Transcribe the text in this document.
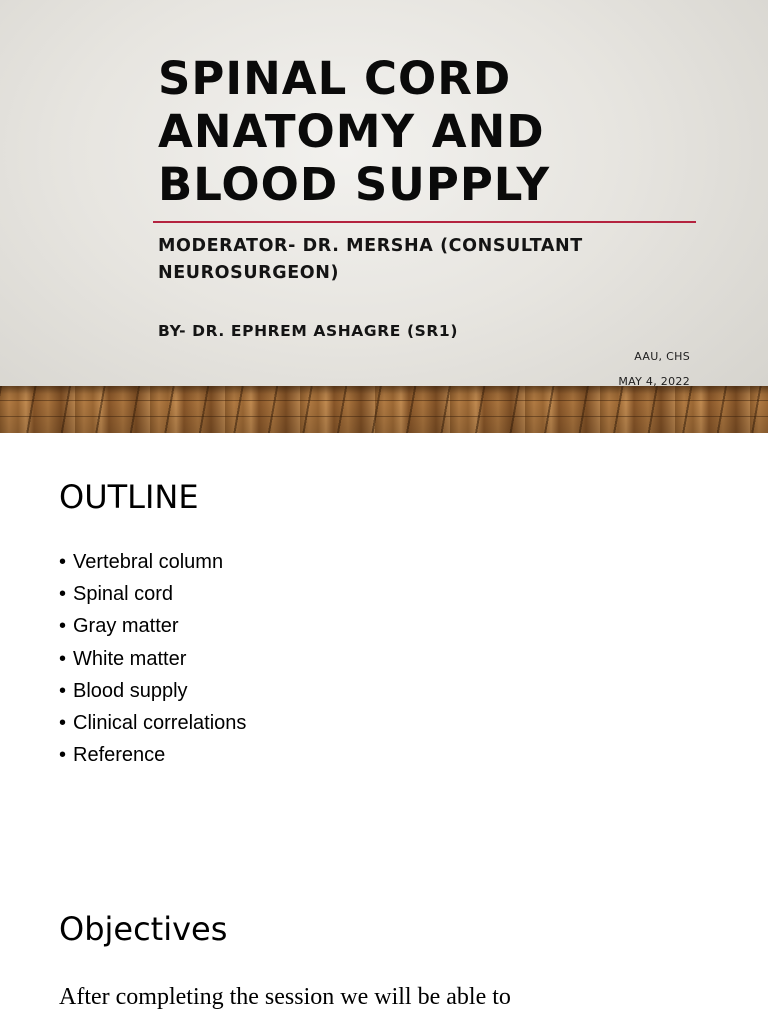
SPINAL CORD ANATOMY AND BLOOD SUPPLY
MODERATOR- DR. MERSHA (CONSULTANT NEUROSURGEON)
BY- DR. EPHREM ASHAGRE (SR1)
AAU, CHS
MAY 4, 2022
OUTLINE
• Vertebral column
• Spinal cord
• Gray matter
• White matter
• Blood supply
• Clinical correlations
• Reference
Objectives
After completing the session we will be able to
